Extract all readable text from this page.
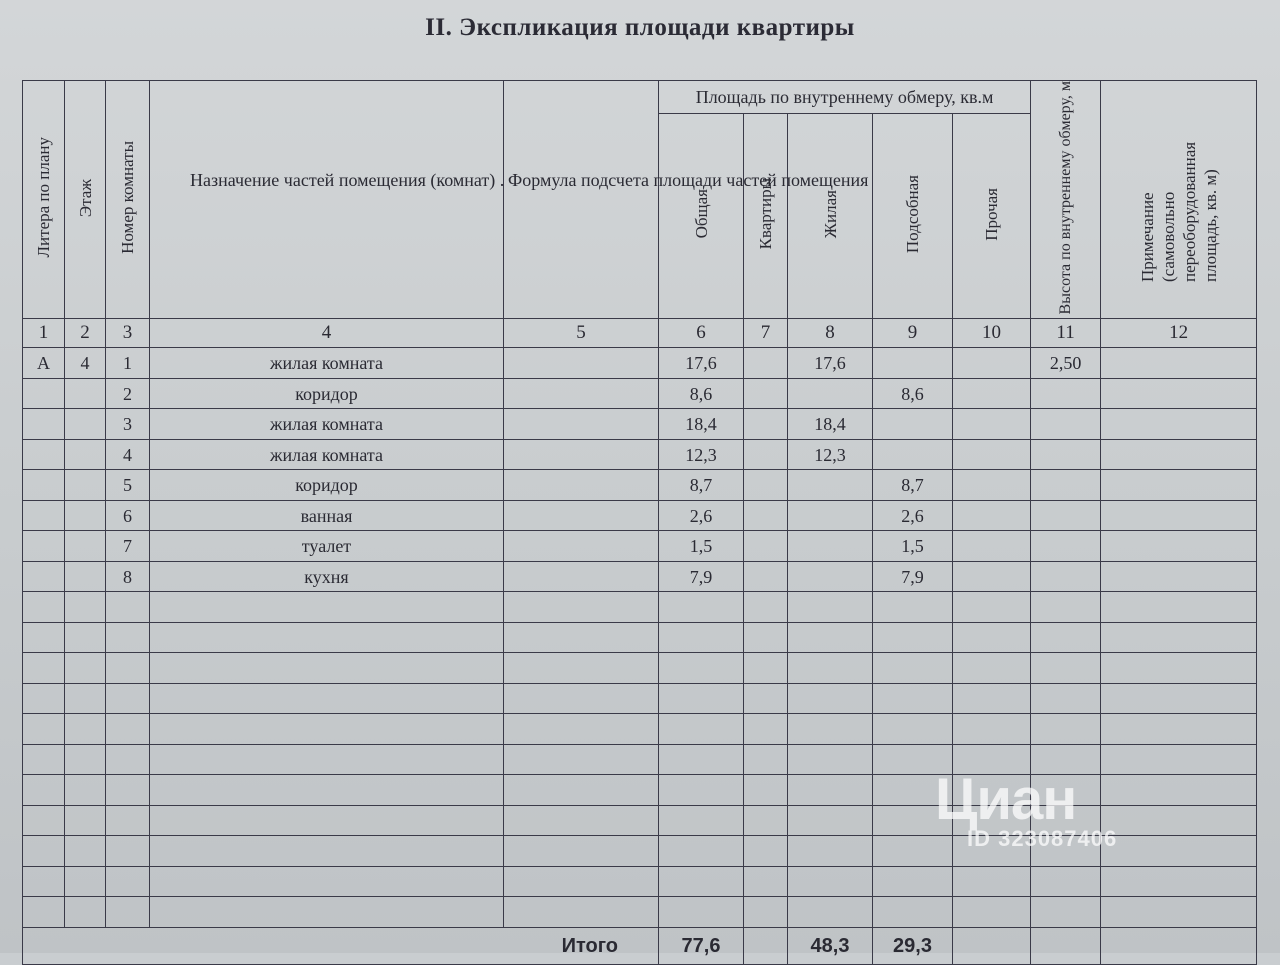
II. Экспликация площади квартиры
Литера по плану	Этаж	Номер комнаты	Назначение частей помещения (комнат) .	Формула подсчета площади частей помещения	Площадь по внутреннему обмеру, кв.м					Высота по внутреннему обмеру, м	Примечание (самовольно переоборудованная площадь, кв. м)
					Общая	Квартиры	Жилая	Подсобная	Прочая		
1	2	3	4	5	6	7	8	9	10	11	12
А	4	1	жилая комната		17,6		17,6			2,50	
		2	коридор		8,6			8,6			
		3	жилая комната		18,4		18,4				
		4	жилая комната		12,3		12,3				
		5	коридор		8,7			8,7			
		6	ванная		2,6			2,6			
		7	туалет		1,5			1,5			
		8	кухня		7,9			7,9			

Итого					77,6		48,3	29,3			
Циан
ID 323087406
